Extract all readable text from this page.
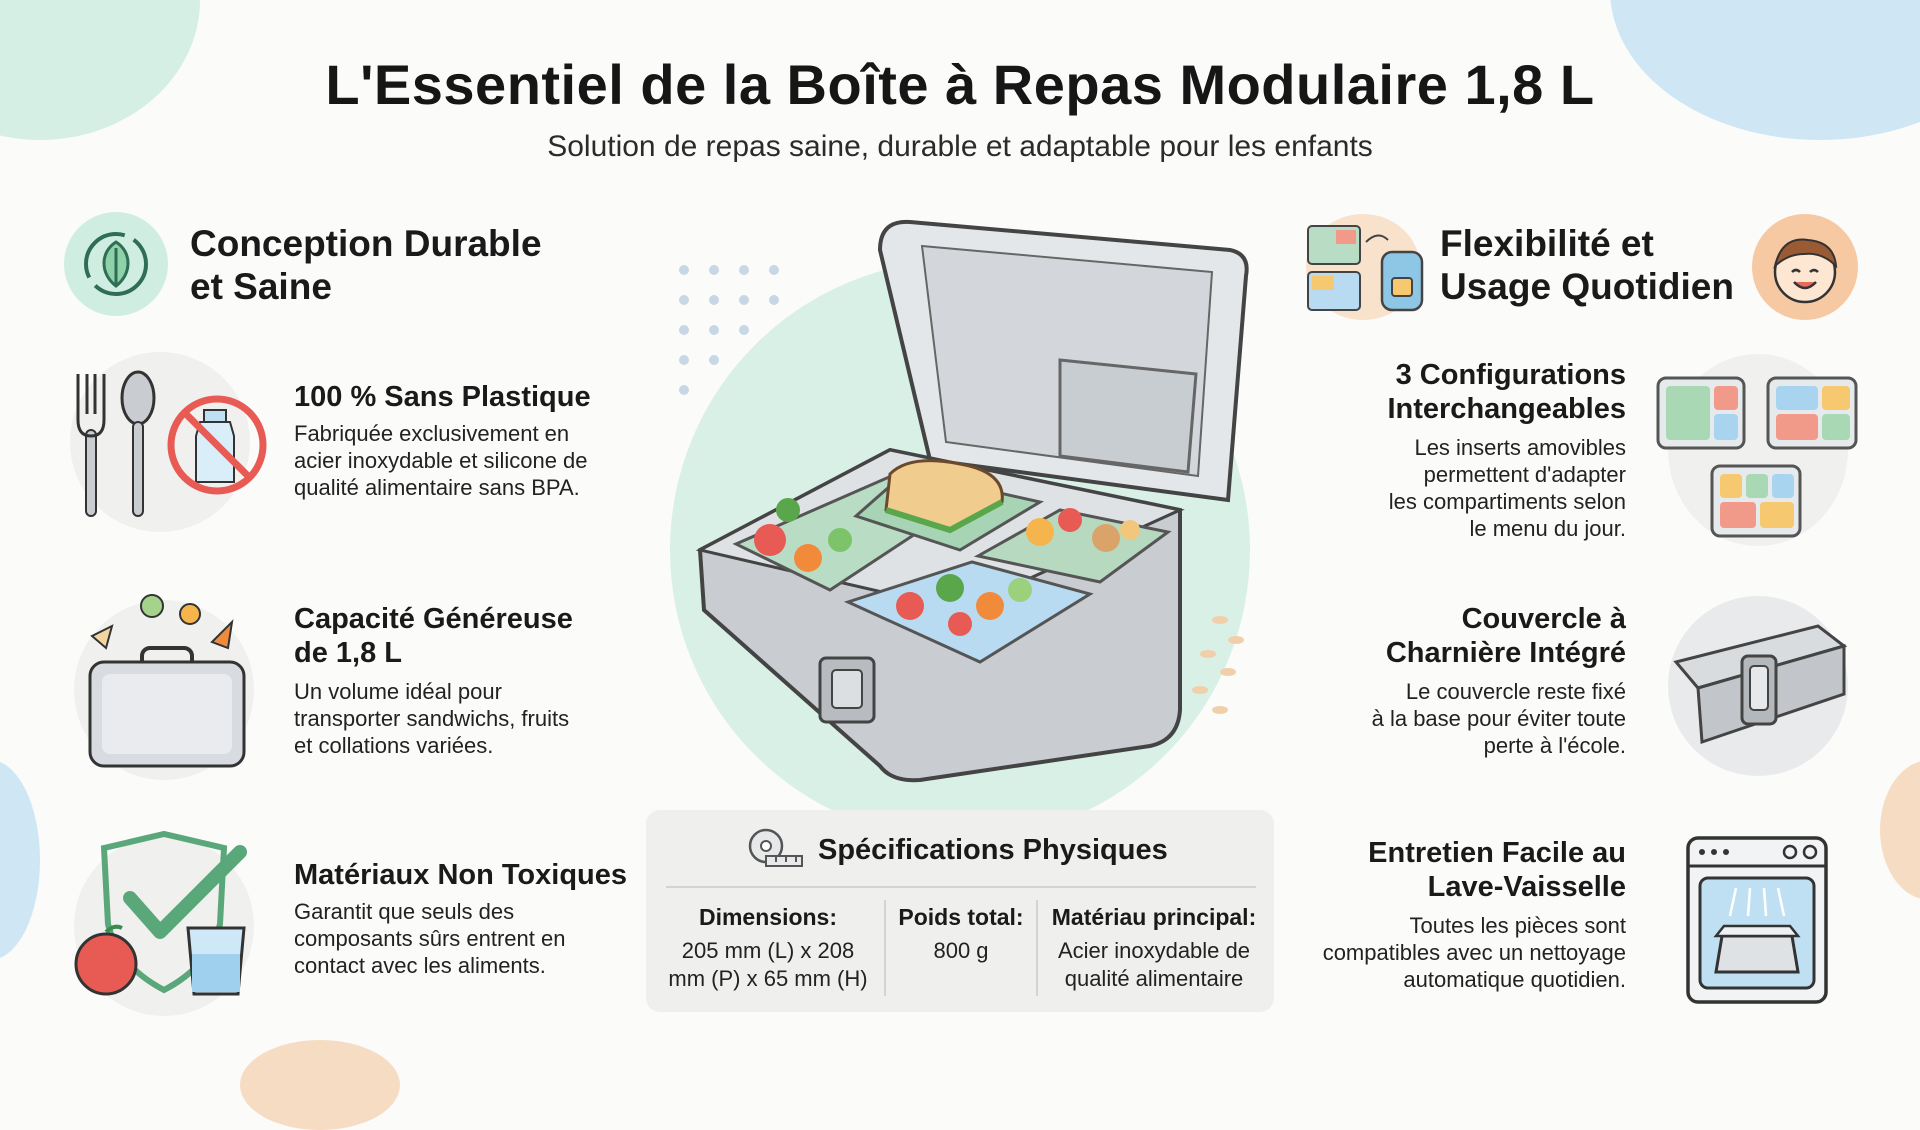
L'Essentiel de la Boîte à Repas Modulaire 1,8 L
Solution de repas saine, durable et adaptable pour les enfants
Conception Durable
et Saine
100 % Sans Plastique
Fabriquée exclusivement en
acier inoxydable et silicone de
qualité alimentaire sans BPA.
Capacité Généreuse
de 1,8 L
Un volume idéal pour
transporter sandwichs, fruits
et collations variées.
Matériaux Non Toxiques
Garantit que seuls des
composants sûrs entrent en
contact avec les aliments.
Spécifications Physiques
Dimensions:
205 mm (L) x 208
mm (P) x 65 mm (H)
Poids total:
800 g
Matériau principal:
Acier inoxydable de
qualité alimentaire
Flexibilité et
Usage Quotidien
3 Configurations
Interchangeables
Les inserts amovibles
permettent d'adapter
les compartiments selon
le menu du jour.
Couvercle à
Charnière Intégré
Le couvercle reste fixé
à la base pour éviter toute
perte à l'école.
Entretien Facile au
Lave-Vaisselle
Toutes les pièces sont
compatibles avec un nettoyage
automatique quotidien.
